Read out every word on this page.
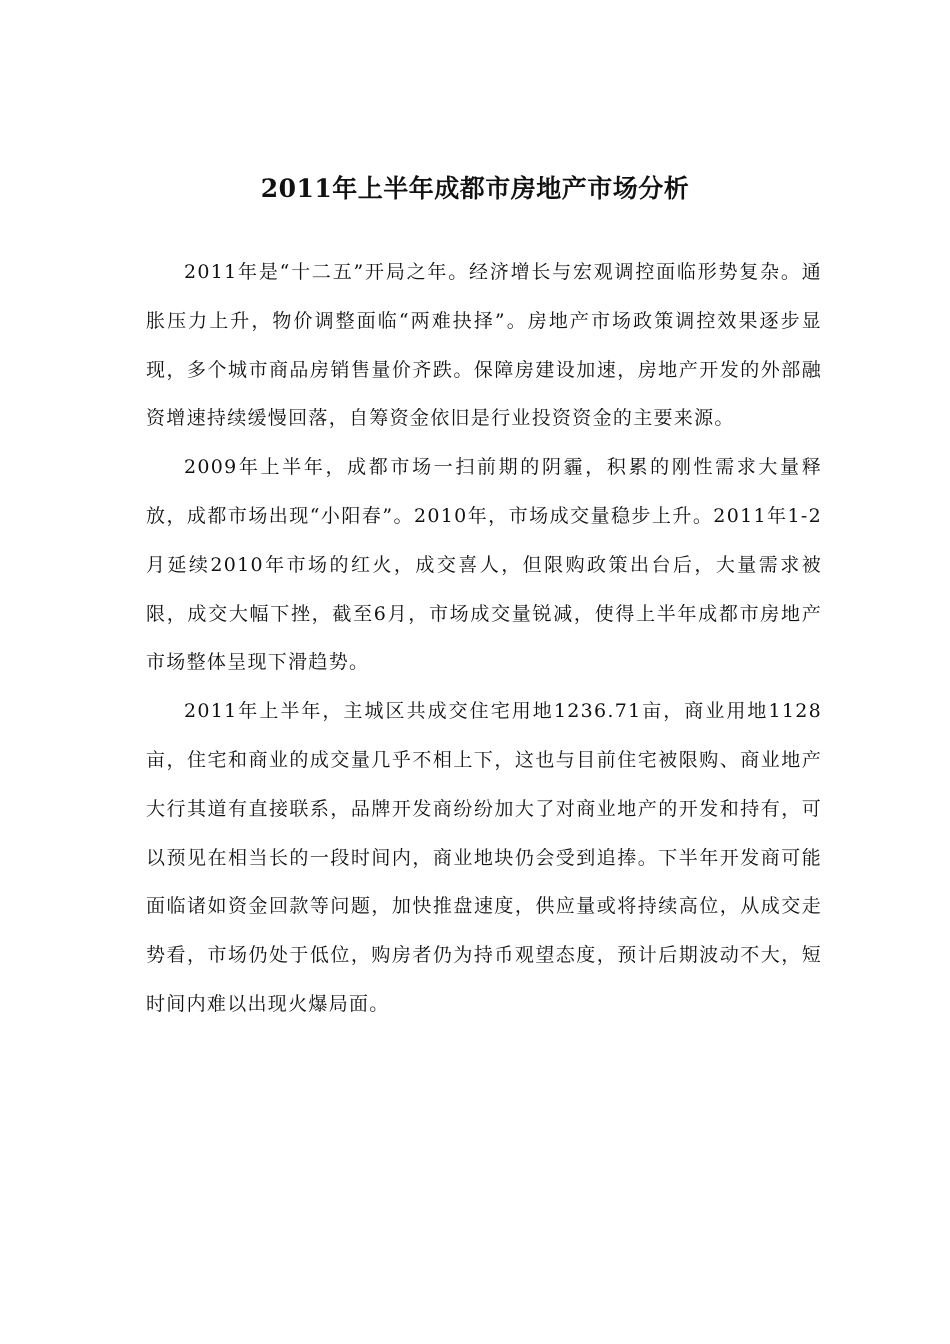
2011年上半年成都市房地产市场分析

2011年是“十二五”开局之年。经济增长与宏观调控面临形势复杂。通胀压力上升，物价调整面临“两难抉择”。房地产市场政策调控效果逐步显现，多个城市商品房销售量价齐跌。保障房建设加速，房地产开发的外部融资增速持续缓慢回落，自筹资金依旧是行业投资资金的主要来源。

2009年上半年，成都市场一扫前期的阴霾，积累的刚性需求大量释放，成都市场出现“小阳春”。2010年，市场成交量稳步上升。2011年1-2月延续2010年市场的红火，成交喜人，但限购政策出台后，大量需求被限，成交大幅下挫，截至6月，市场成交量锐减，使得上半年成都市房地产市场整体呈现下滑趋势。

2011年上半年，主城区共成交住宅用地1236.71亩，商业用地1128亩，住宅和商业的成交量几乎不相上下，这也与目前住宅被限购、商业地产大行其道有直接联系，品牌开发商纷纷加大了对商业地产的开发和持有，可以预见在相当长的一段时间内，商业地块仍会受到追捧。下半年开发商可能面临诸如资金回款等问题，加快推盘速度，供应量或将持续高位，从成交走势看，市场仍处于低位，购房者仍为持币观望态度，预计后期波动不大，短时间内难以出现火爆局面。
